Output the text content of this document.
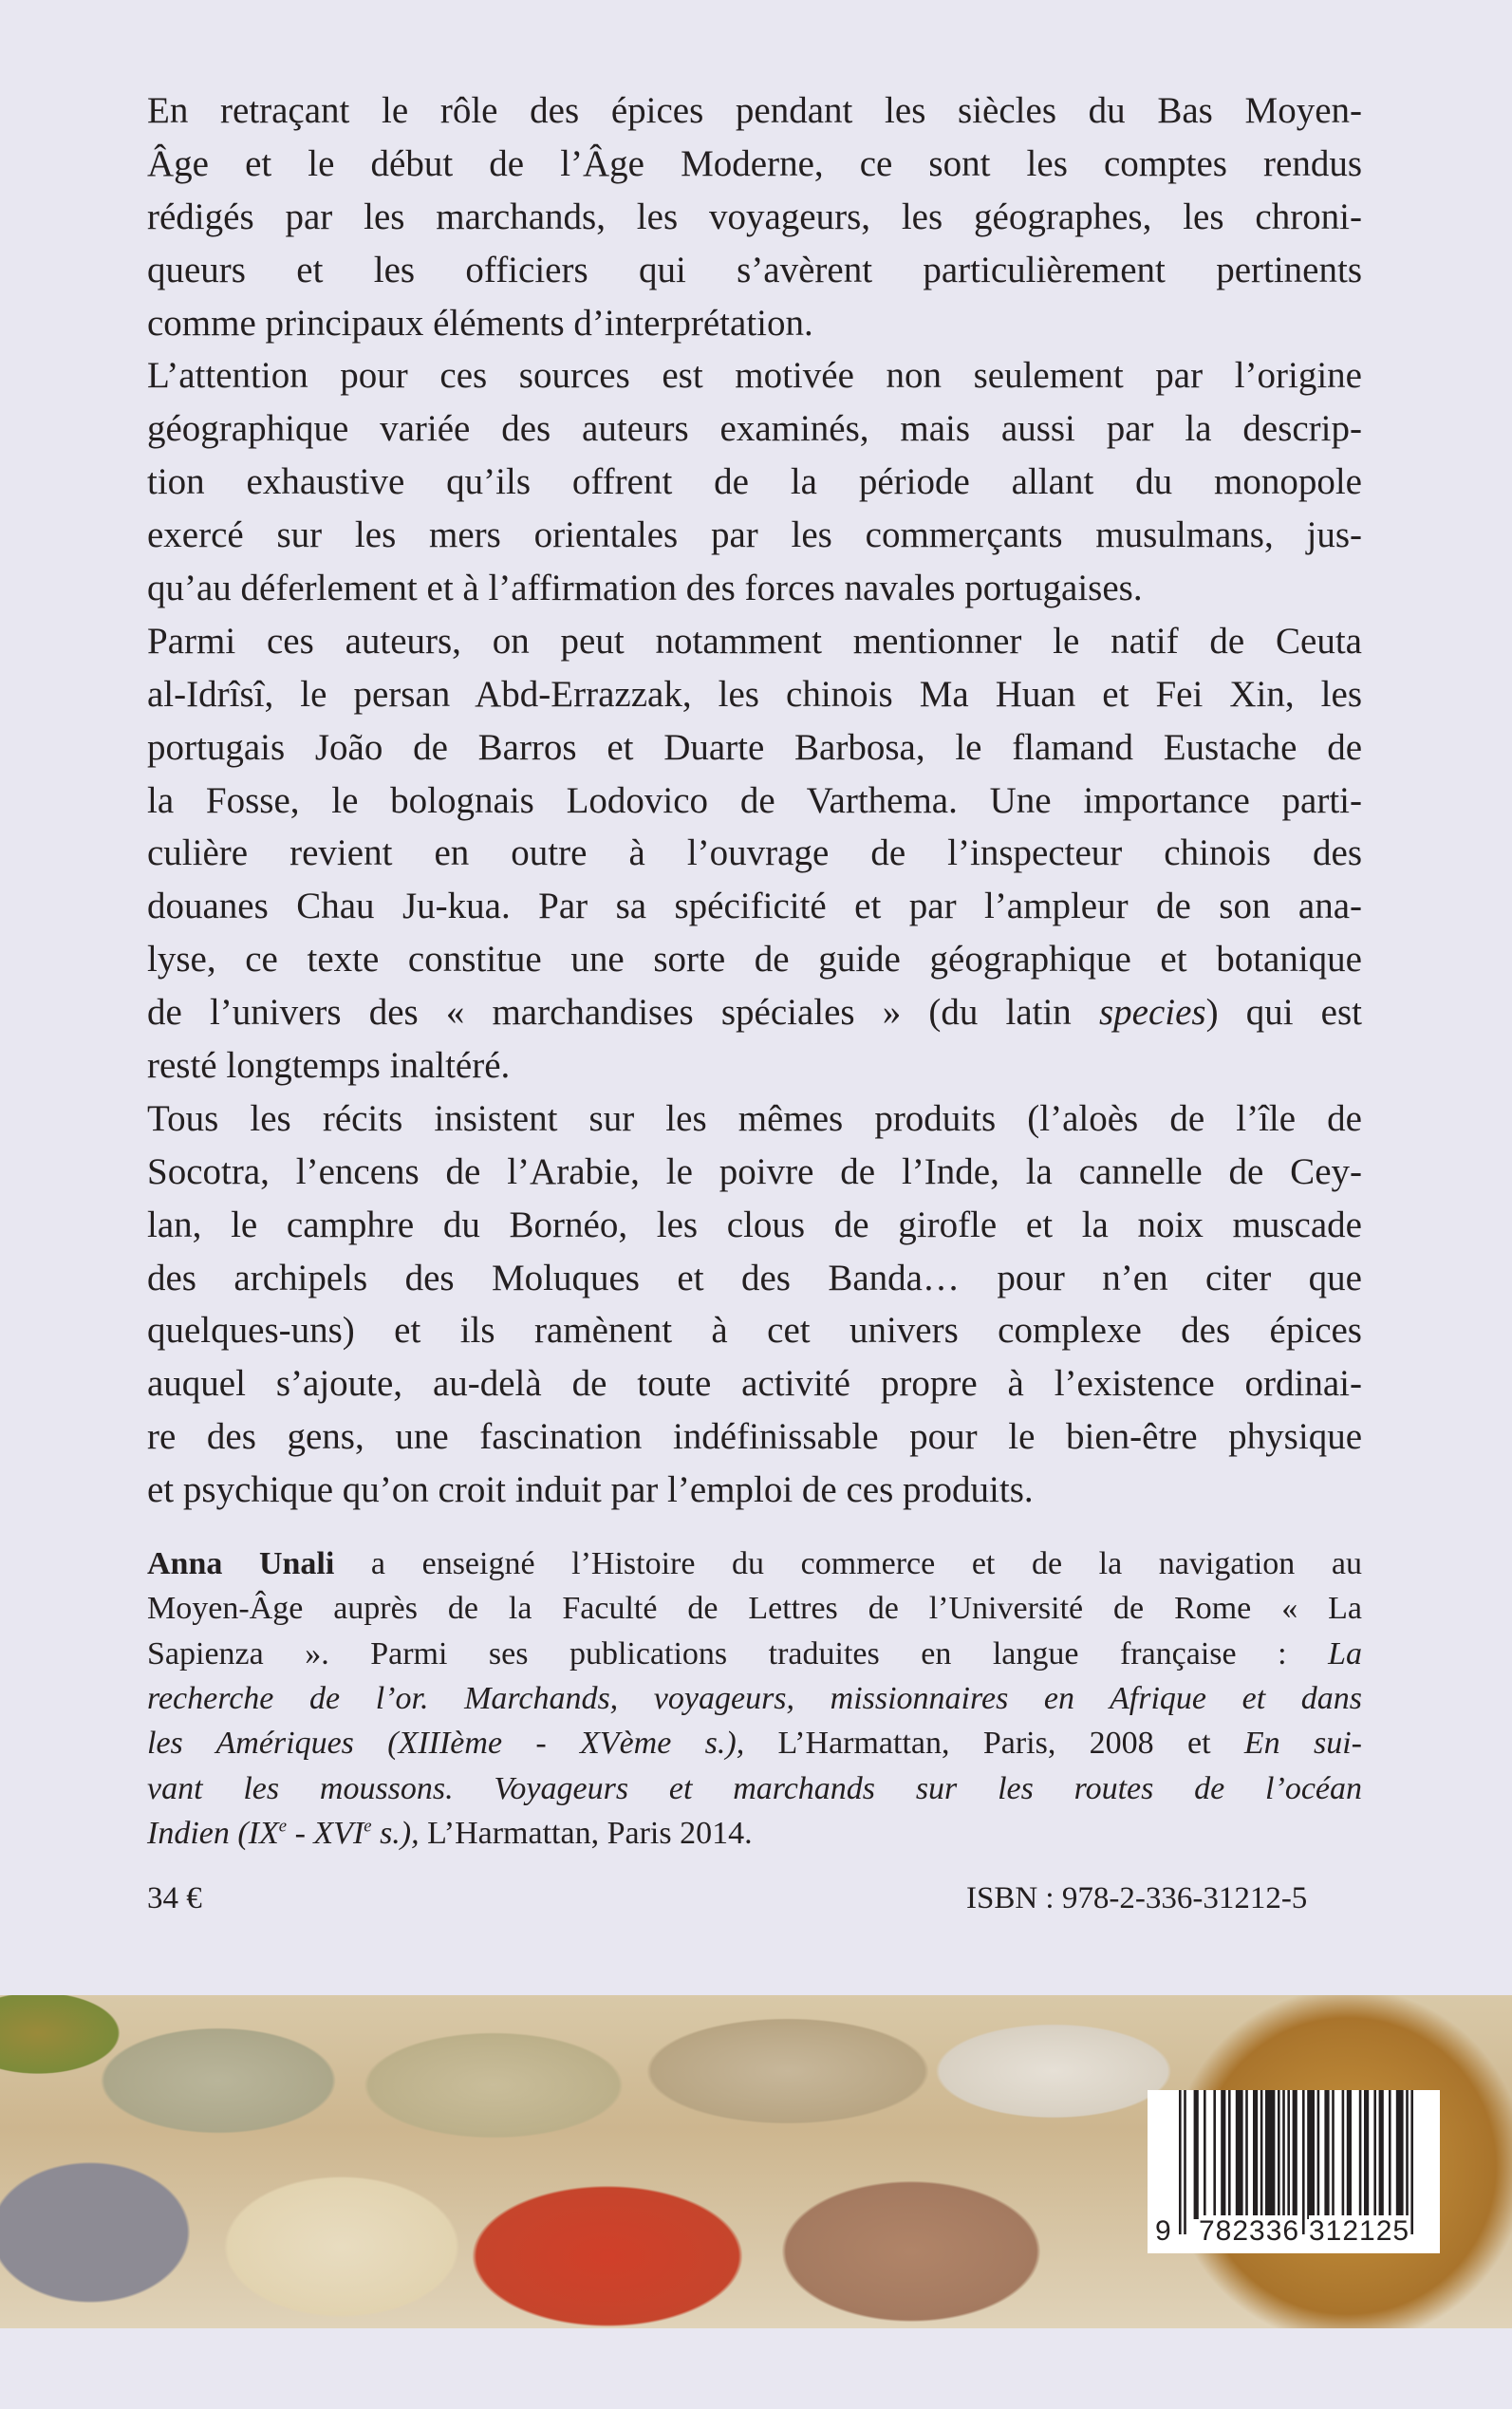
En retraçant le rôle des épices pendant les siècles du Bas Moyen-
Âge et le début de l’Âge Moderne, ce sont les comptes rendus
rédigés par les marchands, les voyageurs, les géographes, les chroni-
queurs et les officiers qui s’avèrent particulièrement pertinents
comme principaux éléments d’interprétation.
L’attention pour ces sources est motivée non seulement par l’origine
géographique variée des auteurs examinés, mais aussi par la descrip-
tion exhaustive qu’ils offrent de la période allant du monopole
exercé sur les mers orientales par les commerçants musulmans, jus-
qu’au déferlement et à l’affirmation des forces navales portugaises.
Parmi ces auteurs, on peut notamment mentionner le natif de Ceuta
al-Idrîsî, le persan Abd-Errazzak, les chinois Ma Huan et Fei Xin, les
portugais João de Barros et Duarte Barbosa, le flamand Eustache de
la Fosse, le bolognais Lodovico de Varthema. Une importance parti-
culière revient en outre à l’ouvrage de l’inspecteur chinois des
douanes Chau Ju-kua. Par sa spécificité et par l’ampleur de son ana-
lyse, ce texte constitue une sorte de guide géographique et botanique
de l’univers des « marchandises spéciales » (du latin species) qui est
resté longtemps inaltéré.
Tous les récits insistent sur les mêmes produits (l’aloès de l’île de
Socotra, l’encens de l’Arabie, le poivre de l’Inde, la cannelle de Cey-
lan, le camphre du Bornéo, les clous de girofle et la noix muscade
des archipels des Moluques et des Banda… pour n’en citer que
quelques-uns) et ils ramènent à cet univers complexe des épices
auquel s’ajoute, au-delà de toute activité propre à l’existence ordinai-
re des gens, une fascination indéfinissable pour le bien-être physique
et psychique qu’on croit induit par l’emploi de ces produits.
Anna Unali a enseigné l’Histoire du commerce et de la navigation au
Moyen-Âge auprès de la Faculté de Lettres de l’Université de Rome « La
Sapienza ». Parmi ses publications traduites en langue française : La
recherche de l’or. Marchands, voyageurs, missionnaires en Afrique et dans
les Amériques (XIIIème - XVème s.), L’Harmattan, Paris, 2008 et En sui-
vant les moussons. Voyageurs et marchands sur les routes de l’océan
Indien (IXe - XVIe s.), L’Harmattan, Paris 2014.
34 €	ISBN : 978-2-336-31212-5
9 782336 312125
